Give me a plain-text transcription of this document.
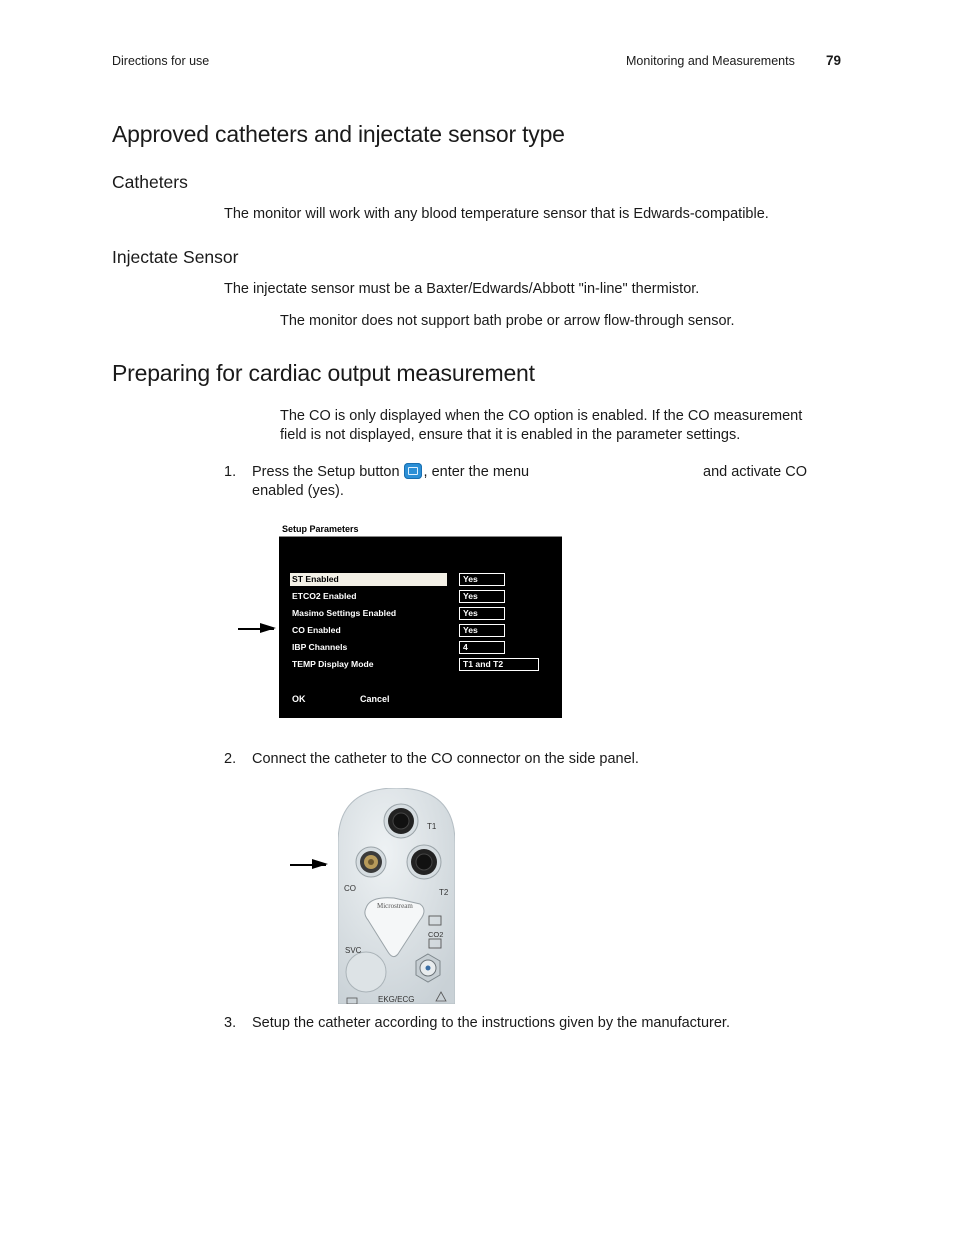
Directions for use	Monitoring and Measurements 79
Approved catheters and injectate sensor type
Catheters
The monitor will work with any blood temperature sensor that is Edwards-compatible.
Injectate Sensor
The injectate sensor must be a Baxter/Edwards/Abbott "in-line" thermistor.
The monitor does not support bath probe or arrow flow-through sensor.
Preparing for cardiac output measurement
The CO is only displayed when the CO option is enabled. If the CO measurement
field is not displayed, ensure that it is enabled in the parameter settings.
1. Press the Setup button , enter the menu	and activate CO
enabled (yes).
Setup Parameters
ST Enabled	Yes
ETCO2 Enabled	Yes
Masimo Settings Enabled	Yes
CO Enabled	Yes
IBP Channels	4
TEMP Display Mode	T1 and T2
OK	Cancel
2. Connect the catheter to the CO connector on the side panel.
T1
CO	T2
Microstream
CO2
SVC
EKG/ECG
3. Setup the catheter according to the instructions given by the manufacturer.
